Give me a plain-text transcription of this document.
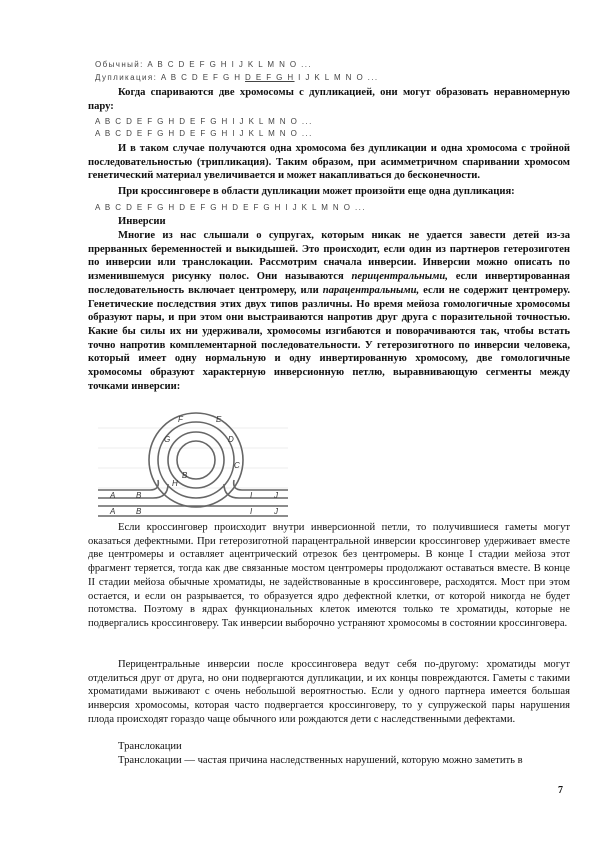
Обычный: A B C D E F G H I J K L M N O ...
Дупликация: A B C D E F G H D E F G H I J K L M N O ...
Когда спариваются две хромосомы с дупликацией, они могут образовать неравномерную пару:
A B C D E F G H D E F G H I J K L M N O ...
A B C D E F G H D E F G H I J K L M N O ...
И в таком случае получаются одна хромосома без дупликации и одна хромосома с тройной последовательностью (трипликация). Таким образом, при асимметричном спаривании хромосом генетический материал увеличивается и может накапливаться до бесконечности.
При кроссинговере в области дупликации может произойти еще одна дупликация:
A B C D E F G H D E F G H D E F G H I J K L M N O ...
Инверсии
Многие из нас слышали о супругах, которым никак не удается завести детей из-за прерванных беременностей и выкидышей. Это происходит, если один из партнеров гетерозиготен по инверсии или транслокации. Рассмотрим сначала инверсии. Инверсии можно описать по изменившемуся рисунку полос. Они называются перицентральными, если инвертированная последовательность включает центромеру, или парацентральными, если не содержит центромеру. Генетические последствия этих двух типов различны. Но время мейоза гомологичные хромосомы образуют пары, и при этом они выстраиваются напротив друг друга с поразительной точностью. Какие бы силы их ни удерживали, хромосомы изгибаются и поворачиваются так, чтобы встать точно напротив комплементарной последовательности. У гетерозиготного по инверсии человека, который имеет одну нормальную и одну инвертированную хромосому, две гомологичные хромосомы образуют характерную инверсионную петлю, выравнивающую сегменты между точками инверсии:
F	E
G	D
C
H
B
A	B	I	J
A	B	I	J
Если кроссинговер происходит внутри инверсионной петли, то получившиеся гаметы могут оказаться дефектными. При гетерозиготной парацентральной инверсии кроссинговер удерживает вместе две центромеры и оставляет ацентрический отрезок без центромеры. В конце I стадии мейоза этот фрагмент теряется, тогда как две связанные мостом центромеры продолжают оставаться вместе. В конце II стадии мейоза обычные хроматиды, не задействованные в кроссинговере, расходятся. Мост при этом остается, и если он разрывается, то образуется ядро дефектной клетки, от которой никогда не будет потомства. Поэтому в ядрах функциональных клеток имеются только те хроматиды, которые не подвергались кроссинговеру. Так инверсии выборочно устраняют хромосомы в состоянии кроссинговера.
Перицентральные инверсии после кроссинговера ведут себя по-другому: хроматиды могут отделиться друг от друга, но они подвергаются дупликации, и их концы повреждаются. Гаметы с такими хроматидами выживают с очень небольшой вероятностью. Если у одного партнера имеется большая инверсия хромосомы, которая часто подвергается кроссинговеру, то у супружеской пары нарушения плода происходят гораздо чаще обычного или рождаются дети с наследственными дефектами.
Транслокации
Транслокации — частая причина наследственных нарушений, которую можно заметить в
7
